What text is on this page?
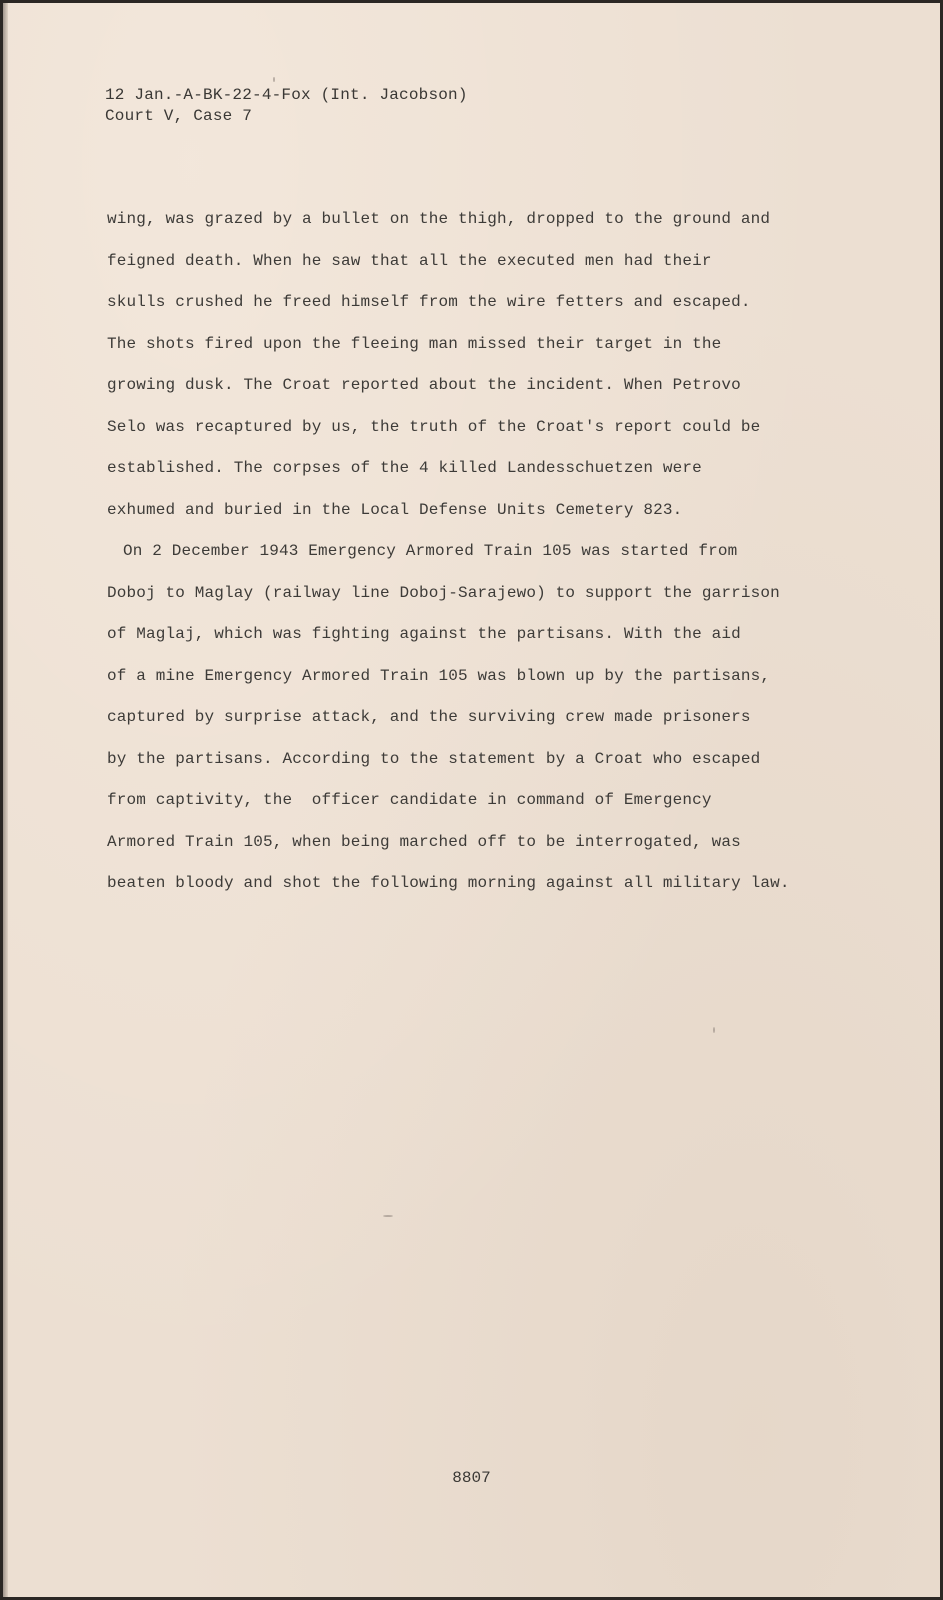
12 Jan.-A-BK-22-4-Fox (Int. Jacobson)
Court V, Case 7
wing, was grazed by a bullet on the thigh, dropped to the ground and
feigned death. When he saw that all the executed men had their
skulls crushed he freed himself from the wire fetters and escaped.
The shots fired upon the fleeing man missed their target in the
growing dusk. The Croat reported about the incident. When Petrovo
Selo was recaptured by us, the truth of the Croat's report could be
established. The corpses of the 4 killed Landesschuetzen were
exhumed and buried in the Local Defense Units Cemetery 823.
On 2 December 1943 Emergency Armored Train 105 was started from
Doboj to Maglay (railway line Doboj-Sarajewo) to support the garrison
of Maglaj, which was fighting against the partisans. With the aid
of a mine Emergency Armored Train 105 was blown up by the partisans,
captured by surprise attack, and the surviving crew made prisoners
by the partisans. According to the statement by a Croat who escaped
from captivity, the  officer candidate in command of Emergency
Armored Train 105, when being marched off to be interrogated, was
beaten bloody and shot the following morning against all military law.
8807
